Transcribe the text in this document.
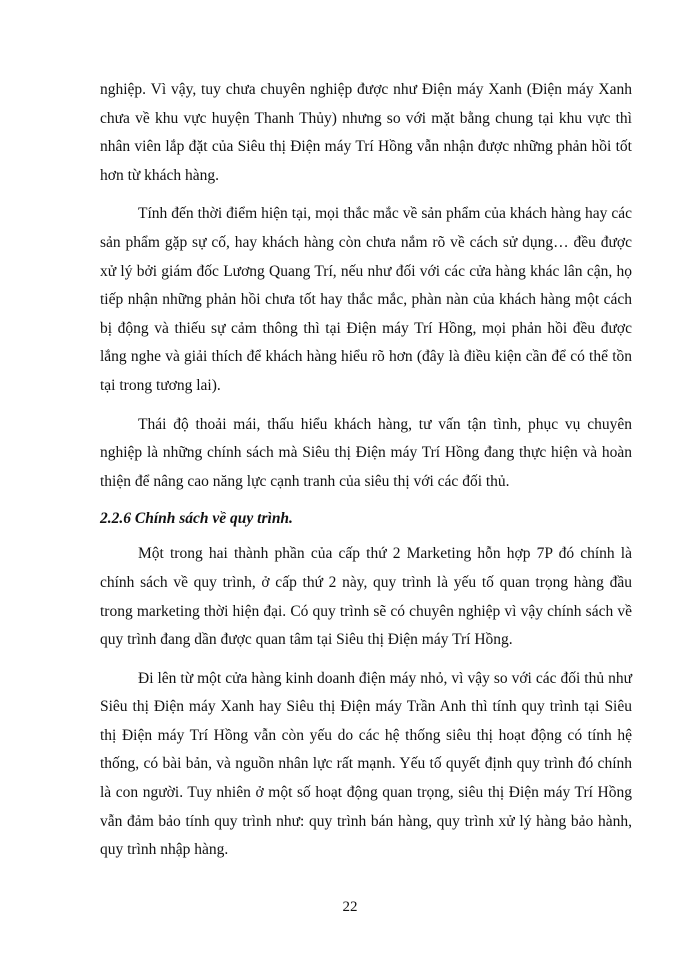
nghiệp. Vì vậy, tuy chưa chuyên nghiệp được như Điện máy Xanh (Điện máy Xanh chưa về khu vực huyện Thanh Thủy) nhưng so với mặt bằng chung tại khu vực thì nhân viên lắp đặt của Siêu thị Điện máy Trí Hồng vẫn nhận được những phản hồi tốt hơn từ khách hàng.

Tính đến thời điểm hiện tại, mọi thắc mắc về sản phẩm của khách hàng hay các sản phẩm gặp sự cố, hay khách hàng còn chưa nắm rõ về cách sử dụng… đều được xử lý bởi giám đốc Lương Quang Trí, nếu như đối với các cửa hàng khác lân cận, họ tiếp nhận những phản hồi chưa tốt hay thắc mắc, phàn nàn của khách hàng một cách bị động và thiếu sự cảm thông thì tại Điện máy Trí Hồng, mọi phản hồi đều được lắng nghe và giải thích để khách hàng hiểu rõ hơn (đây là điều kiện cần để có thể tồn tại trong tương lai).

Thái độ thoải mái, thấu hiểu khách hàng, tư vấn tận tình, phục vụ chuyên nghiệp là những chính sách mà Siêu thị Điện máy Trí Hồng đang thực hiện và hoàn thiện để nâng cao năng lực cạnh tranh của siêu thị với các đối thủ.

2.2.6 Chính sách về quy trình.

Một trong hai thành phần của cấp thứ 2 Marketing hỗn hợp 7P đó chính là chính sách về quy trình, ở cấp thứ 2 này, quy trình là yếu tố quan trọng hàng đầu trong marketing thời hiện đại. Có quy trình sẽ có chuyên nghiệp vì vậy chính sách về quy trình đang dần được quan tâm tại Siêu thị Điện máy Trí Hồng.

Đi lên từ một cửa hàng kinh doanh điện máy nhỏ, vì vậy so với các đối thủ như Siêu thị Điện máy Xanh hay Siêu thị Điện máy Trần Anh thì tính quy trình tại Siêu thị Điện máy Trí Hồng vẫn còn yếu do các hệ thống siêu thị hoạt động có tính hệ thống, có bài bản, và nguồn nhân lực rất mạnh. Yếu tố quyết định quy trình đó chính là con người. Tuy nhiên ở một số hoạt động quan trọng, siêu thị Điện máy Trí Hồng vẫn đảm bảo tính quy trình như: quy trình bán hàng, quy trình xử lý hàng bảo hành, quy trình nhập hàng.

22
